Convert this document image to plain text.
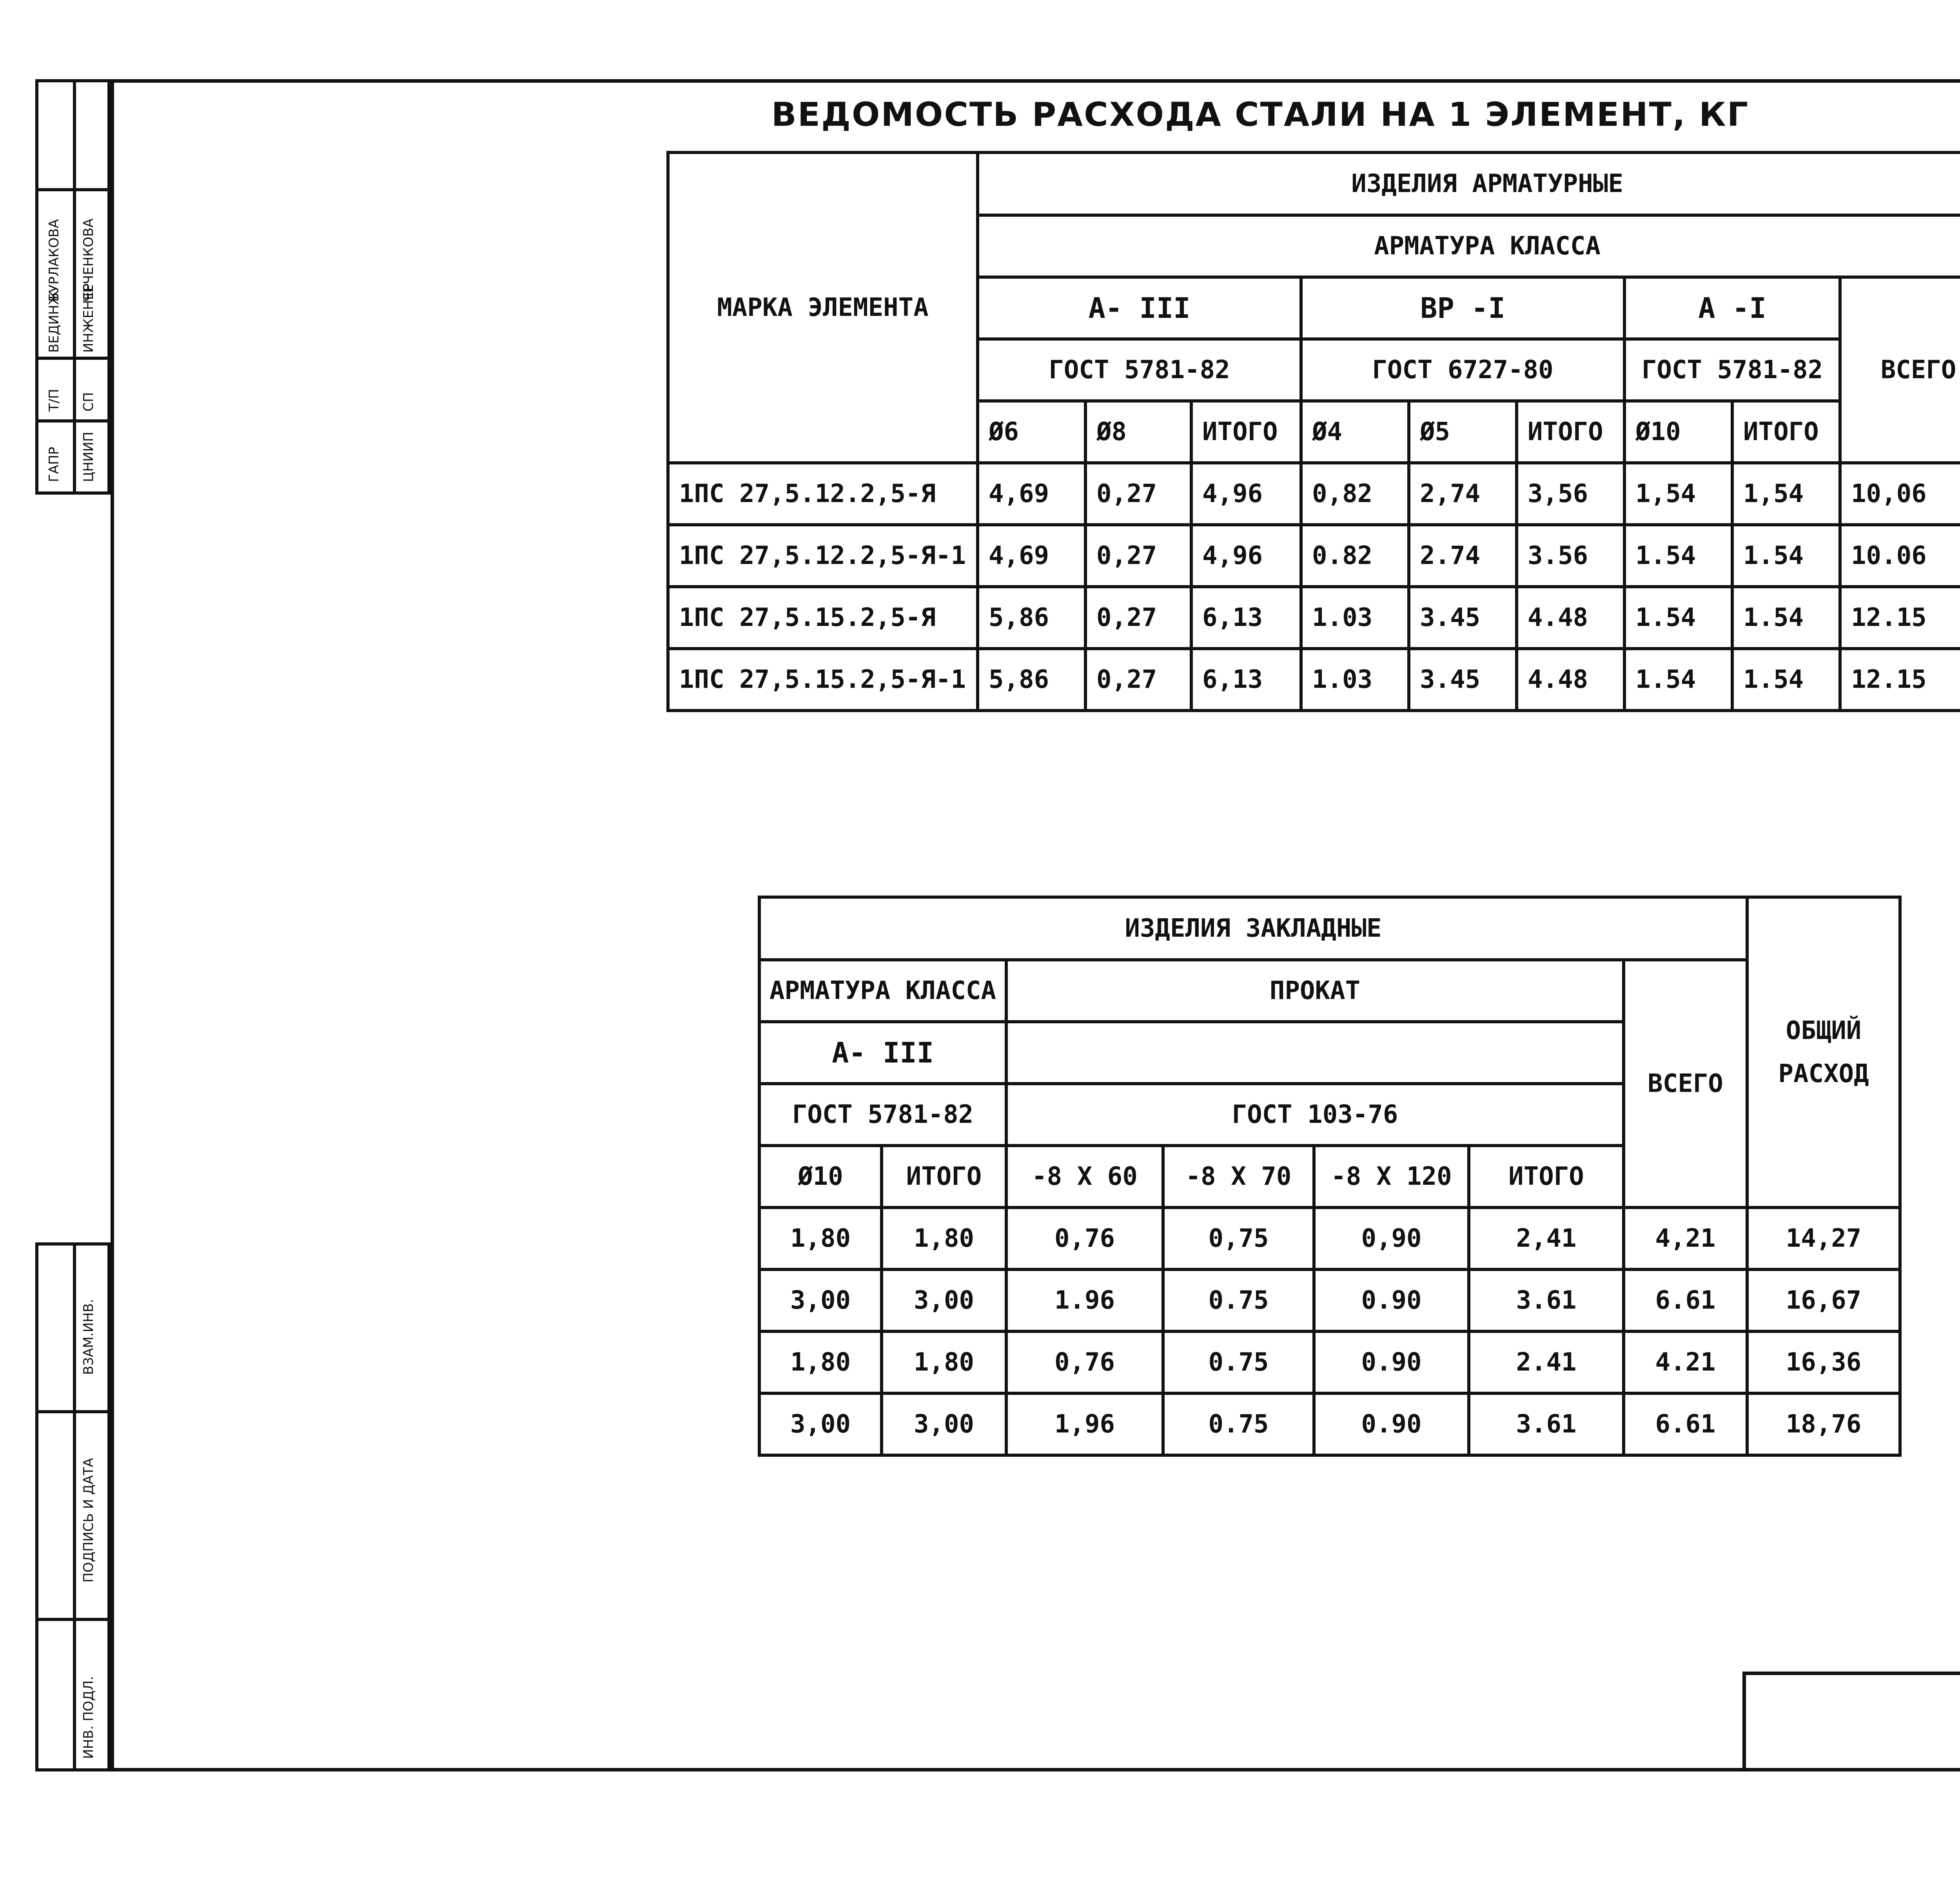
ВЕДОМОСТЬ РАСХОДА СТАЛИ НА 1 ЭЛЕМЕНТ, КГ
ГАПР ЦНИИП
Т/П СП
ВЕДИНЖ ИНЖЕНЕР
БУРЛАКОВА ЧЕЧЕНКОВА
ВЗАМ.ИНВ.
ПОДПИСЬ И ДАТА
ИНВ. ПОДЛ.
МАРКА ЭЛЕМЕНТА	ИЗДЕЛИЯ АРМАТУРНЫЕ								
	АРМАТУРА КЛАССА								
	А- III			ВР -I			А -I		ВСЕГО
	ГОСТ 5781-82			ГОСТ 6727-80			ГОСТ 5781-82		
	Ø6	Ø8	ИТОГО	Ø4	Ø5	ИТОГО	Ø10	ИТОГО	
1ПС 27,5.12.2,5-Я	4,69	0,27	4,96	0,82	2,74	3,56	1,54	1,54	10,06
1ПС 27,5.12.2,5-Я-1	4,69	0,27	4,96	0.82	2.74	3.56	1.54	1.54	10.06
1ПС 27,5.15.2,5-Я	5,86	0,27	6,13	1.03	3.45	4.48	1.54	1.54	12.15
1ПС 27,5.15.2,5-Я-1	5,86	0,27	6,13	1.03	3.45	4.48	1.54	1.54	12.15
ИЗДЕЛИЯ ЗАКЛАДНЫЕ							ОБЩИЙ
РАСХОД
АРМАТУРА КЛАССА		ПРОКАТ				ВСЕГО	
А- III							
ГОСТ 5781-82		ГОСТ 103-76					
Ø10	ИТОГО	-8 Х 60	-8 Х 70	-8 Х 120	ИТОГО		
1,80	1,80	0,76	0,75	0,90	2,41	4,21	14,27
3,00	3,00	1.96	0.75	0.90	3.61	6.61	16,67
1,80	1,80	0,76	0.75	0.90	2.41	4.21	16,36
3,00	3,00	1,96	0.75	0.90	3.61	6.61	18,76
